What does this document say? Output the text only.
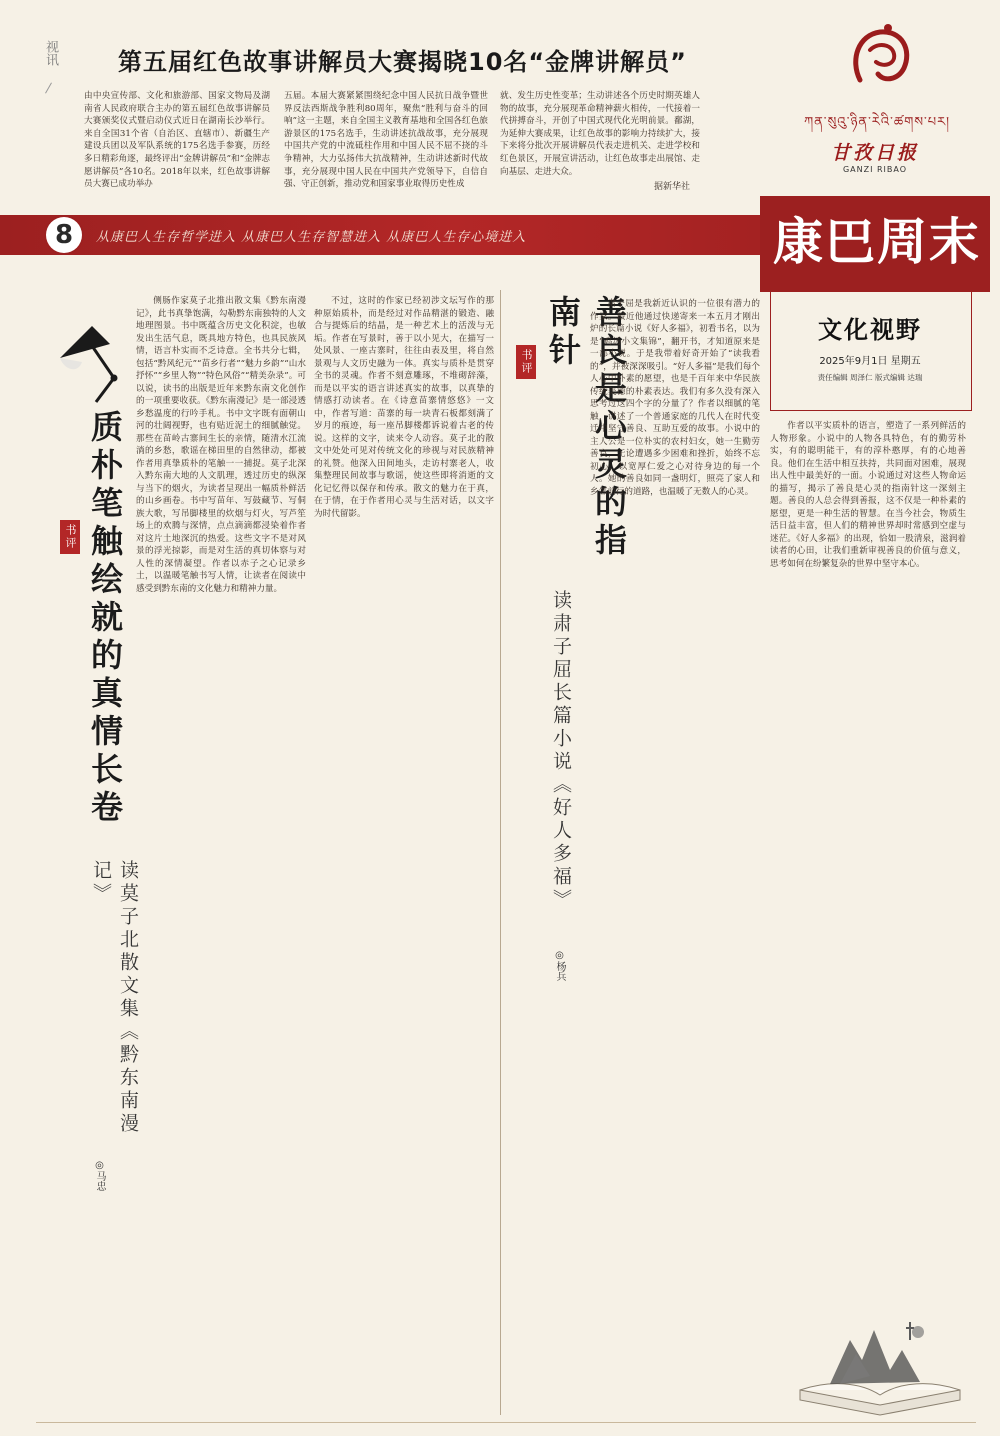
视讯	第五届红色故事讲解员大赛揭晓10名“金牌讲解员”
由中央宣传部、文化和旅游部、国家文物局及湖南省人民政府联合主办的第五届红色故事讲解员大赛颁奖仪式暨启动仪式近日在湖南长沙举行。来自全国31个省（自治区、直辖市）、新疆生产建设兵团以及军队系统的175名选手参赛，历经多日精彩角逐，最终评出“金牌讲解员”和“金牌志愿讲解员”各10名。2018年以来，红色故事讲解员大赛已成功举办
五届。本届大赛紧紧围绕纪念中国人民抗日战争暨世界反法西斯战争胜利80周年，聚焦“胜利与奋斗的回响”这一主题，来自全国主义教育基地和全国各红色旅游景区的175名选手，生动讲述抗战故事，充分展现中国共产党的中流砥柱作用和中国人民不屈不挠的斗争精神，大力弘扬伟大抗战精神，生动讲述新时代故事，充分展现中国人民在中国共产党领导下，自信自强、守正创新，推动党和国家事业取得历史性成
就、发生历史性变革；生动讲述各个历史时期英雄人物的故事，充分展现革命精神薪火相传，一代接着一代拼搏奋斗，开创了中国式现代化光明前景。鄱湖，为延伸大赛成果，让红色故事的影响力持续扩大，接下来将分批次开展讲解员代表走进机关、走进学校和红色景区，开展宣讲活动，让红色故事走出展馆、走向基层、走进大众。
据新华社
ཀན་སུའུ་ཉིན་རེའི་ཚགས་པར།
甘孜日报
GANZI RIBAO
8	从康巴人生存哲学进入 从康巴人生存智慧进入 从康巴人生存心境进入	康巴周末
文化视野
2025年9月1日 星期五
责任编辑 周泽仁 版式编辑 达瑞
书评 质朴笔触绘就的真情长卷
读莫子北散文集《黔东南漫记》
◎马忠
侧肠作家莫子北推出散文集《黔东南漫记》，此书真挚饱满，勾勒黔东南独特的人文地理图景。书中既蕴含历史文化积淀，也敏发出生活气息，既具地方特色，也具民族风情，语言朴实而不乏诗意。全书共分七辑，包括“黔风纪元”“苗乡行者”“魅力乡韵”“山水抒怀”“乡里人物”“特色风俗”“精美杂录”。可以说，读书的出版是近年来黔东南文化创作的一项重要收获。《黔东南漫记》是一部浸透乡愁温度的行吟手札。书中文字既有面朝山河的壮阔视野，也有贴近泥土的细腻触觉。那些在苗岭古寨间生长的亲情，随清水江流淌的乡愁，歌谣在梯田里的自然律动，都被作者用真挚质朴的笔触一一捕捉。莫子北深入黔东南大地的人文肌理，透过历史的纵深与当下的烟火，为读者呈现出一幅质朴鲜活的山乡画卷。书中写苗年、写鼓藏节、写侗族大歌，写吊脚楼里的炊烟与灯火，写芦笙场上的欢腾与深情，点点滴滴都浸染着作者对这片土地深沉的热爱。这些文字不是对风景的浮光掠影，而是对生活的真切体察与对人性的深情凝望。作者以赤子之心记录乡土，以温暖笔触书写人情，让读者在阅读中感受到黔东南的文化魅力和精神力量。
不过，这时的作家已经初涉文坛写作的那种原始质朴，而是经过对作品精湛的锻造、融合与提炼后的结晶，是一种艺术上的活泼与无垢。作者在写景时，善于以小见大，在描写一处风景、一座古寨时，往往由表及里，将自然景观与人文历史融为一体。真实与质朴是贯穿全书的灵魂。作者不刻意雕琢，不堆砌辞藻，而是以平实的语言讲述真实的故事，以真挚的情感打动读者。在《诗意苗寨情悠悠》一文中，作者写道：苗寨的每一块青石板都刻满了岁月的痕迹，每一座吊脚楼都诉说着古老的传说。这样的文字，读来令人动容。莫子北的散文中处处可见对传统文化的珍视与对民族精神的礼赞。他深入田间地头，走访村寨老人，收集整理民间故事与歌谣，使这些即将消逝的文化记忆得以保存和传承。散文的魅力在于真，在于情，在于作者用心灵与生活对话，以文字为时代留影。
书评	善良是心灵的指南针
读肃子屈长篇小说《好人多福》
◎杨兵
肃子屈是我新近认识的一位很有潜力的作家。最近他通过快递寄来一本五月才刚出炉的长篇小说《好人多福》，初看书名，以为是“鸡汤小文集锦”，翻开书，才知道原来是一部小说。于是我带着好奇开始了“读我看的”，并被深深吸引。“好人多福”是我们每个人心中朴素的愿望，也是千百年来中华民族传统美德的朴素表达。我们有多久没有深入思考过这四个字的分量了？作者以细腻的笔触，讲述了一个普通家庭的几代人在时代变迁中坚守善良、互助互爱的故事。小说中的主人公是一位朴实的农村妇女，她一生勤劳善良，无论遭遇多少困难和挫折，始终不忘初心，以宽厚仁爱之心对待身边的每一个人。她的善良如同一盏明灯，照亮了家人和乡邻前行的道路，也温暖了无数人的心灵。
作者以平实质朴的语言，塑造了一系列鲜活的人物形象。小说中的人物各具特色，有的勤劳朴实，有的聪明能干，有的淳朴憨厚，有的心地善良。他们在生活中相互扶持，共同面对困难，展现出人性中最美好的一面。小说通过对这些人物命运的描写，揭示了善良是心灵的指南针这一深刻主题。善良的人总会得到善报，这不仅是一种朴素的愿望，更是一种生活的智慧。在当今社会，物质生活日益丰富，但人们的精神世界却时常感到空虚与迷茫。《好人多福》的出现，恰如一股清泉，滋润着读者的心田，让我们重新审视善良的价值与意义，思考如何在纷繁复杂的世界中坚守本心。
